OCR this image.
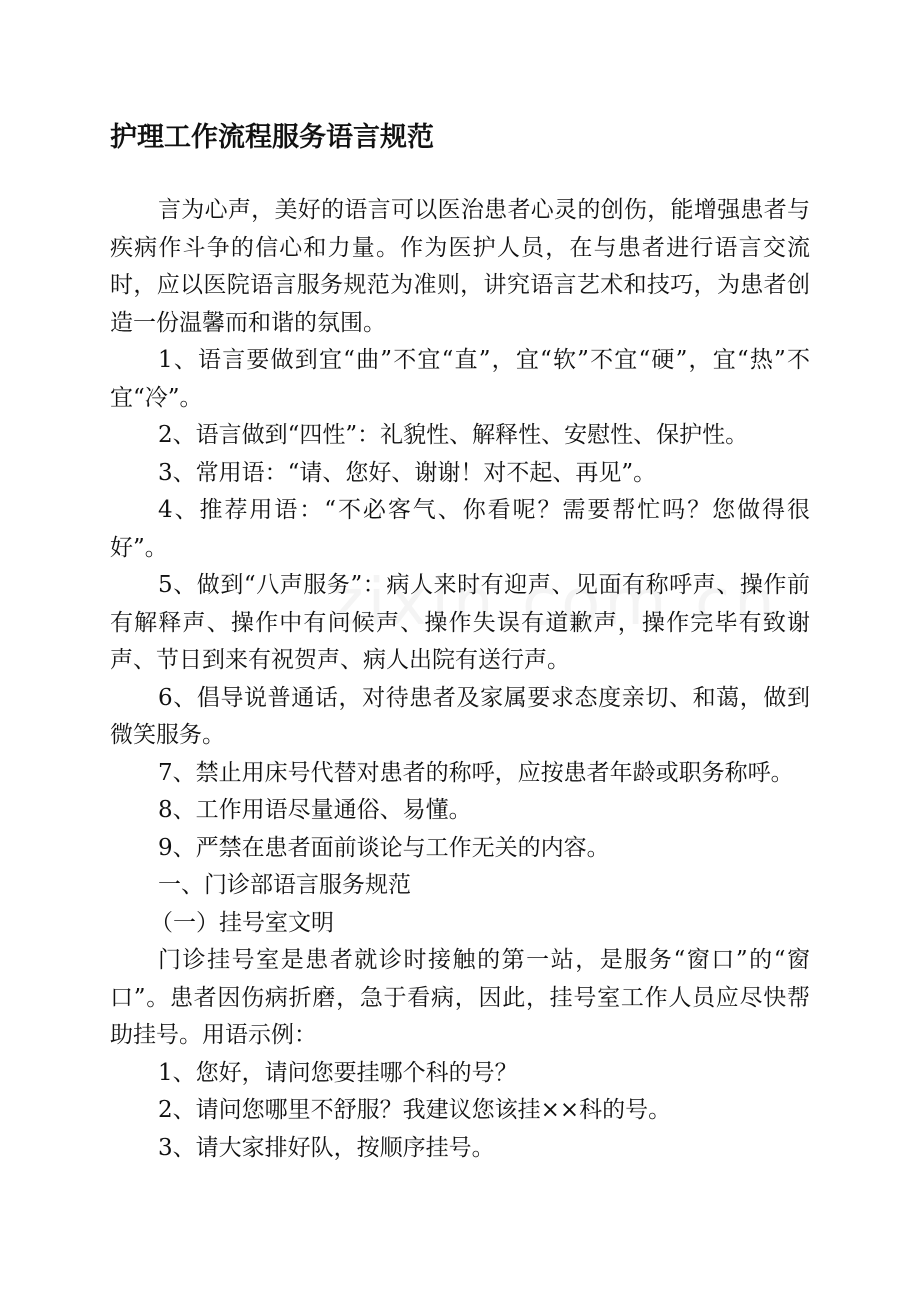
护理工作流程服务语言规范

言为心声，美好的语言可以医治患者心灵的创伤，能增强患者与疾病作斗争的信心和力量。作为医护人员，在与患者进行语言交流时，应以医院语言服务规范为准则，讲究语言艺术和技巧，为患者创造一份温馨而和谐的氛围。

1、语言要做到宜“曲”不宜“直”，宜“软”不宜“硬”，宜“热”不宜“冷”。

2、语言做到“四性”：礼貌性、解释性、安慰性、保护性。

3、常用语：“请、您好、谢谢！对不起、再见”。

4、推荐用语：“不必客气、你看呢？需要帮忙吗？您做得很好”。

5、做到“八声服务”：病人来时有迎声、见面有称呼声、操作前有解释声、操作中有问候声、操作失误有道歉声，操作完毕有致谢声、节日到来有祝贺声、病人出院有送行声。

6、倡导说普通话，对待患者及家属要求态度亲切、和蔼，做到微笑服务。

7、禁止用床号代替对患者的称呼，应按患者年龄或职务称呼。

8、工作用语尽量通俗、易懂。

9、严禁在患者面前谈论与工作无关的内容。

一、门诊部语言服务规范

（一）挂号室文明

门诊挂号室是患者就诊时接触的第一站，是服务“窗口”的“窗口”。患者因伤病折磨，急于看病，因此，挂号室工作人员应尽快帮助挂号。用语示例：

1、您好，请问您要挂哪个科的号？

2、请问您哪里不舒服？我建议您该挂××科的号。

3、请大家排好队，按顺序挂号。
